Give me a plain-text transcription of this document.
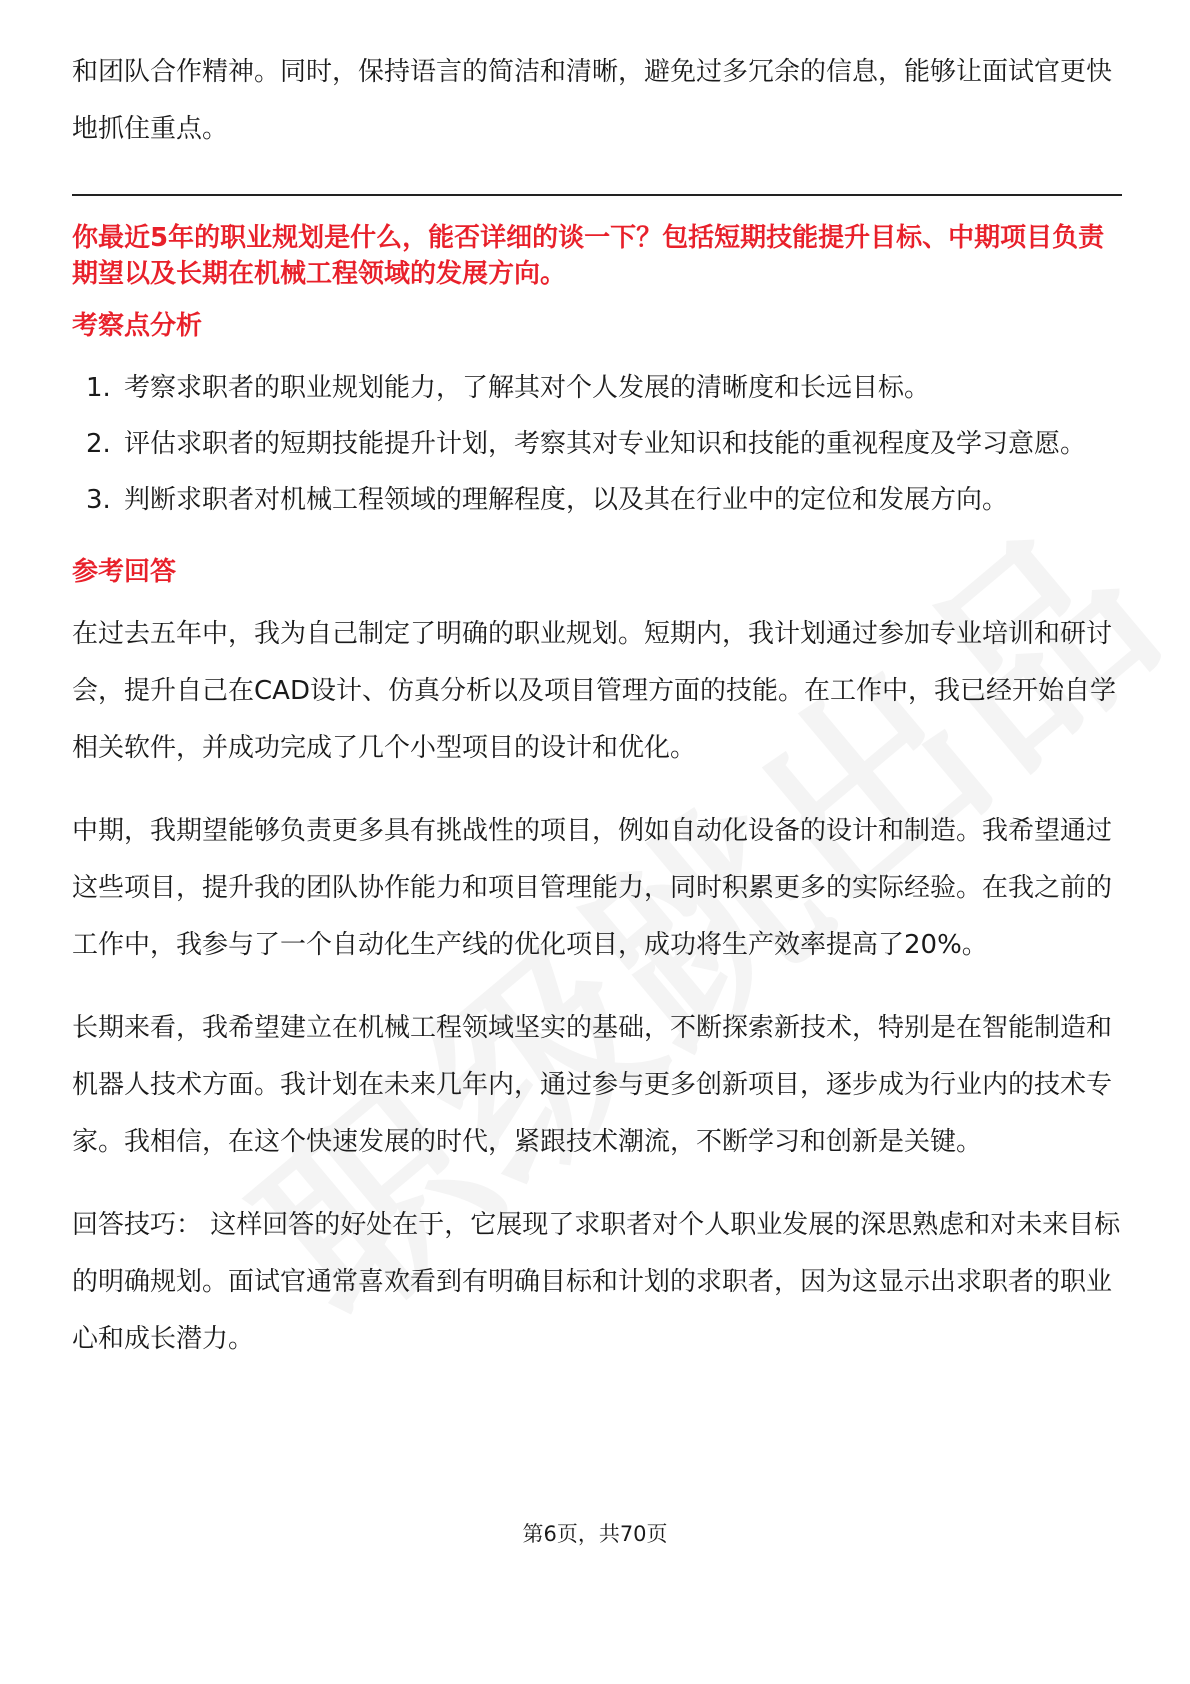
和团队合作精神。同时，保持语言的简洁和清晰，避免过多冗余的信息，能够让面试官更快地抓住重点。

你最近5年的职业规划是什么，能否详细的谈一下？包括短期技能提升目标、中期项目负责期望以及长期在机械工程领域的发展方向。

考察点分析
1. 考察求职者的职业规划能力，了解其对个人发展的清晰度和长远目标。
2. 评估求职者的短期技能提升计划，考察其对专业知识和技能的重视程度及学习意愿。
3. 判断求职者对机械工程领域的理解程度，以及其在行业中的定位和发展方向。
参考回答

在过去五年中，我为自己制定了明确的职业规划。短期内，我计划通过参加专业培训和研讨会，提升自己在CAD设计、仿真分析以及项目管理方面的技能。在工作中，我已经开始自学相关软件，并成功完成了几个小型项目的设计和优化。

中期，我期望能够负责更多具有挑战性的项目，例如自动化设备的设计和制造。我希望通过这些项目，提升我的团队协作能力和项目管理能力，同时积累更多的实际经验。在我之前的工作中，我参与了一个自动化生产线的优化项目，成功将生产效率提高了20%。

长期来看，我希望建立在机械工程领域坚实的基础，不断探索新技术，特别是在智能制造和机器人技术方面。我计划在未来几年内，通过参与更多创新项目，逐步成为行业内的技术专家。我相信，在这个快速发展的时代，紧跟技术潮流，不断学习和创新是关键。

回答技巧： 这样回答的好处在于，它展现了求职者对个人职业发展的深思熟虑和对未来目标的明确规划。面试官通常喜欢看到有明确目标和计划的求职者，因为这显示出求职者的职业心和成长潜力。

第6页，共70页
